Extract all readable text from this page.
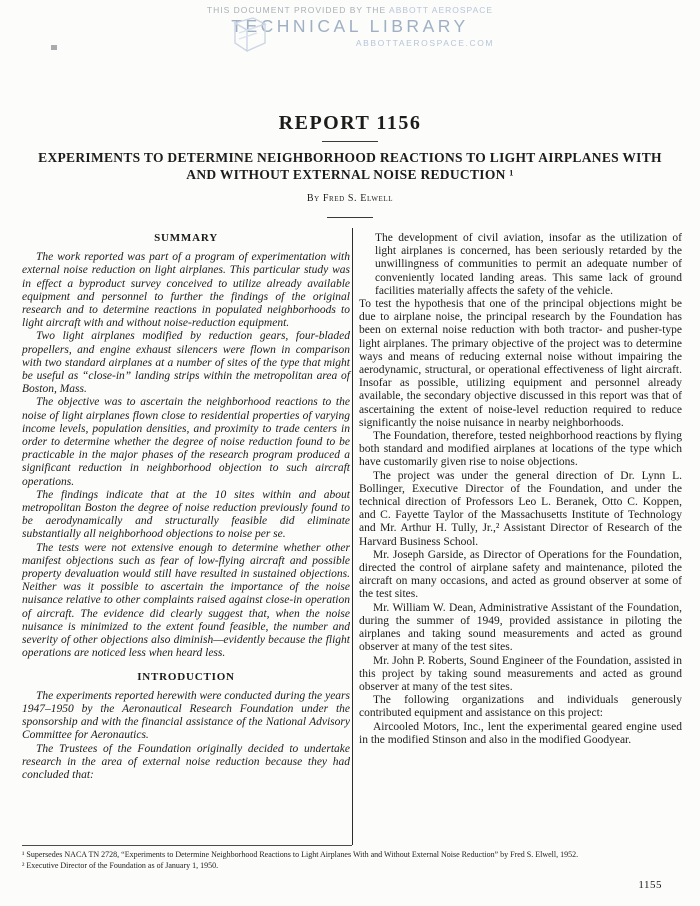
THIS DOCUMENT PROVIDED BY THE ABBOTT AEROSPACE
TECHNICAL LIBRARY
ABBOTTAEROSPACE.COM
REPORT 1156
EXPERIMENTS TO DETERMINE NEIGHBORHOOD REACTIONS TO LIGHT AIRPLANES WITH AND WITHOUT EXTERNAL NOISE REDUCTION ¹
By Fred S. Elwell
SUMMARY

The work reported was part of a program of experimentation with external noise reduction on light airplanes. This particular study was in effect a byproduct survey conceived to utilize already available equipment and personnel to further the findings of the original research and to determine reactions in populated neighborhoods to light aircraft with and without noise-reduction equipment.

Two light airplanes modified by reduction gears, four-bladed propellers, and engine exhaust silencers were flown in comparison with two standard airplanes at a number of sites of the type that might be useful as “close-in” landing strips within the metropolitan area of Boston, Mass.

The objective was to ascertain the neighborhood reactions to the noise of light airplanes flown close to residential properties of varying income levels, population densities, and proximity to trade centers in order to determine whether the degree of noise reduction found to be practicable in the major phases of the research program produced a significant reduction in neighborhood objection to such aircraft operations.

The findings indicate that at the 10 sites within and about metropolitan Boston the degree of noise reduction previously found to be aerodynamically and structurally feasible did eliminate substantially all neighborhood objections to noise per se.

The tests were not extensive enough to determine whether other manifest objections such as fear of low-flying aircraft and possible property devaluation would still have resulted in sustained objections. Neither was it possible to ascertain the importance of the noise nuisance relative to other complaints raised against close-in operation of aircraft. The evidence did clearly suggest that, when the noise nuisance is minimized to the extent found feasible, the number and severity of other objections also diminish—evidently because the flight operations are noticed less when heard less.

INTRODUCTION

The experiments reported herewith were conducted during the years 1947–1950 by the Aeronautical Research Foundation under the sponsorship and with the financial assistance of the National Advisory Committee for Aeronautics.

The Trustees of the Foundation originally decided to undertake research in the area of external noise reduction because they had concluded that:

The development of civil aviation, insofar as the utilization of light airplanes is concerned, has been seriously retarded by the unwillingness of communities to permit an adequate number of conveniently located landing areas. This same lack of ground facilities materially affects the safety of the vehicle.

To test the hypothesis that one of the principal objections might be due to airplane noise, the principal research by the Foundation has been on external noise reduction with both tractor- and pusher-type light airplanes. The primary objective of the project was to determine ways and means of reducing external noise without impairing the aerodynamic, structural, or operational effectiveness of light aircraft. Insofar as possible, utilizing equipment and personnel already available, the secondary objective discussed in this report was that of ascertaining the extent of noise-level reduction required to reduce significantly the noise nuisance in nearby neighborhoods.

The Foundation, therefore, tested neighborhood reactions by flying both standard and modified airplanes at locations of the type which have customarily given rise to noise objections.

The project was under the general direction of Dr. Lynn L. Bollinger, Executive Director of the Foundation, and under the technical direction of Professors Leo L. Beranek, Otto C. Koppen, and C. Fayette Taylor of the Massachusetts Institute of Technology and Mr. Arthur H. Tully, Jr.,² Assistant Director of Research of the Harvard Business School.

Mr. Joseph Garside, as Director of Operations for the Foundation, directed the control of airplane safety and maintenance, piloted the aircraft on many occasions, and acted as ground observer at some of the test sites.

Mr. William W. Dean, Administrative Assistant of the Foundation, during the summer of 1949, provided assistance in piloting the airplanes and taking sound measurements and acted as ground observer at many of the test sites.

Mr. John P. Roberts, Sound Engineer of the Foundation, assisted in this project by taking sound measurements and acted as ground observer at many of the test sites.

The following organizations and individuals generously contributed equipment and assistance on this project:

Aircooled Motors, Inc., lent the experimental geared engine used in the modified Stinson and also in the modified Goodyear.

¹ Supersedes NACA TN 2728, “Experiments to Determine Neighborhood Reactions to Light Airplanes With and Without External Noise Reduction” by Fred S. Elwell, 1952.

² Executive Director of the Foundation as of January 1, 1950.

1155
